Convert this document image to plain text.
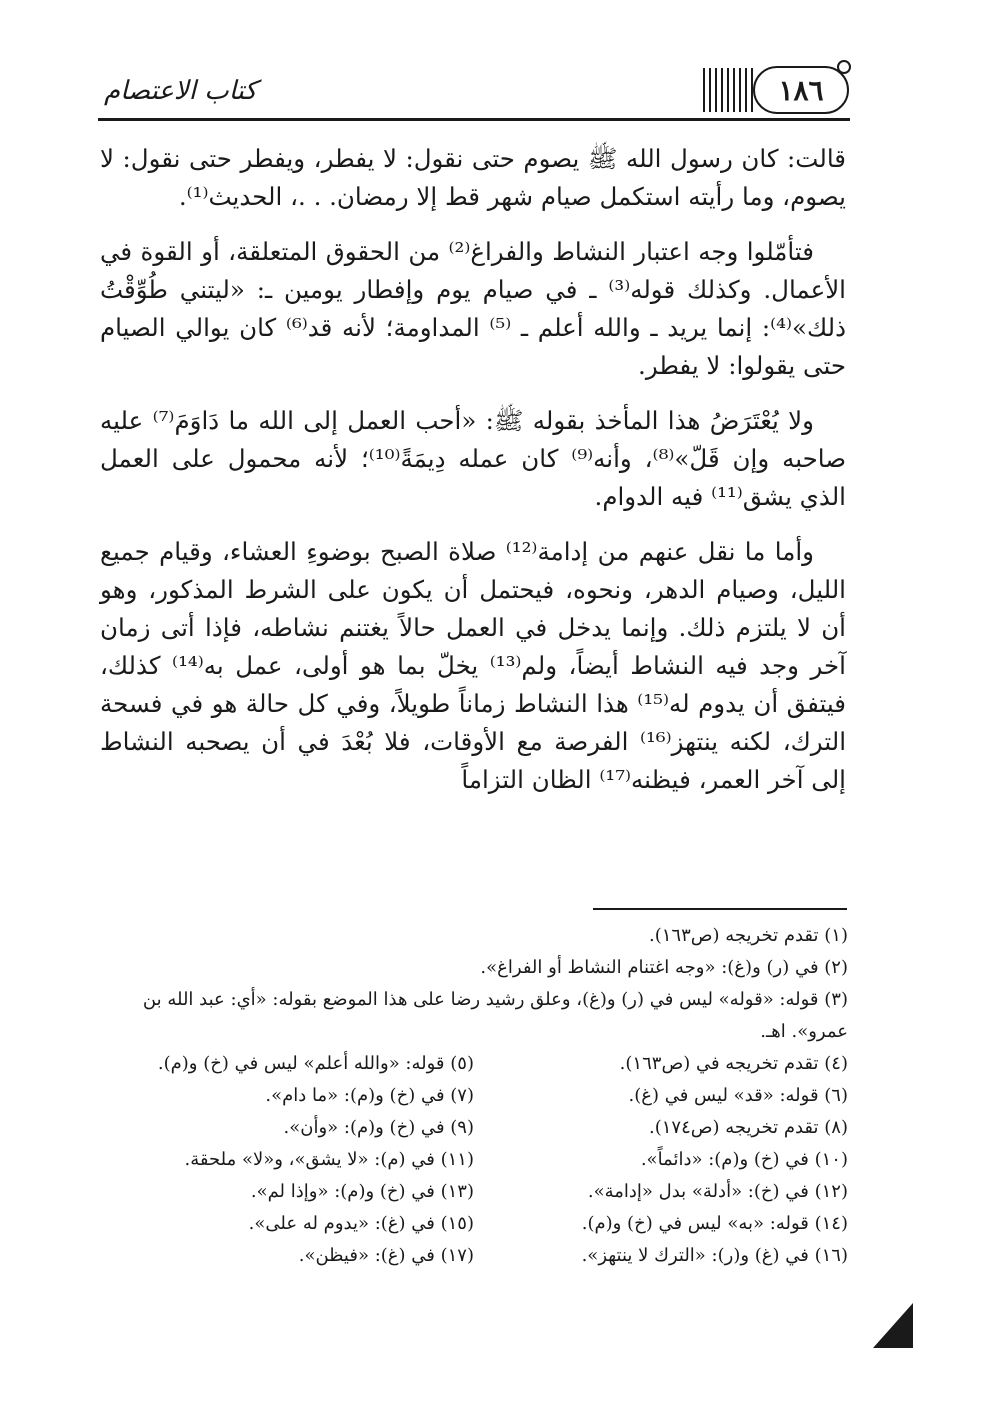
كتاب الاعتصام	١٨٦

قالت: كان رسول الله ﷺ يصوم حتى نقول: لا يفطر، ويفطر حتى نقول: لا يصوم، وما رأيته استكمل صيام شهر قط إلا رمضان. . .، الحديث⁽¹⁾.

فتأمّلوا وجه اعتبار النشاط والفراغ⁽²⁾ من الحقوق المتعلقة، أو القوة في الأعمال. وكذلك قوله⁽³⁾ ـ في صيام يوم وإفطار يومين ـ: «ليتني طُوِّقْتُ ذلك»⁽⁴⁾: إنما يريد ـ والله أعلم ـ ⁽⁵⁾ المداومة؛ لأنه قد⁽⁶⁾ كان يوالي الصيام حتى يقولوا: لا يفطر.

ولا يُعْتَرَضُ هذا المأخذ بقوله ﷺ: «أحب العمل إلى الله ما دَاوَمَ⁽⁷⁾ عليه صاحبه وإن قَلّ»⁽⁸⁾، وأنه⁽⁹⁾ كان عمله دِيمَةً⁽¹⁰⁾؛ لأنه محمول على العمل الذي يشق⁽¹¹⁾ فيه الدوام.

وأما ما نقل عنهم من إدامة⁽¹²⁾ صلاة الصبح بوضوءِ العشاء، وقيام جميع الليل، وصيام الدهر، ونحوه، فيحتمل أن يكون على الشرط المذكور، وهو أن لا يلتزم ذلك. وإنما يدخل في العمل حالاً يغتنم نشاطه، فإذا أتى زمان آخر وجد فيه النشاط أيضاً، ولم⁽¹³⁾ يخلّ بما هو أولى، عمل به⁽¹⁴⁾ كذلك، فيتفق أن يدوم له⁽¹⁵⁾ هذا النشاط زماناً طويلاً، وفي كل حالة هو في فسحة الترك، لكنه ينتهز⁽¹⁶⁾ الفرصة مع الأوقات، فلا بُعْدَ في أن يصحبه النشاط إلى آخر العمر، فيظنه⁽¹⁷⁾ الظان التزاماً

(١) تقدم تخريجه (ص١٦٣).
(٢) في (ر) و(غ): «وجه اغتنام النشاط أو الفراغ».
(٣) قوله: «قوله» ليس في (ر) و(غ)، وعلق رشيد رضا على هذا الموضع بقوله: «أي: عبد الله بن عمرو». اهـ.
(٤) تقدم تخريجه في (ص١٦٣).
(٥) قوله: «والله أعلم» ليس في (خ) و(م).
(٦) قوله: «قد» ليس في (غ).
(٧) في (خ) و(م): «ما دام».
(٨) تقدم تخريجه (ص١٧٤).
(٩) في (خ) و(م): «وأن».
(١٠) في (خ) و(م): «دائماً».
(١١) في (م): «لا يشق»، و«لا» ملحقة.
(١٢) في (خ): «أدلة» بدل «إدامة».
(١٣) في (خ) و(م): «وإذا لم».
(١٤) قوله: «به» ليس في (خ) و(م).
(١٥) في (غ): «يدوم له على».
(١٦) في (غ) و(ر): «الترك لا ينتهز».
(١٧) في (غ): «فيظن».
